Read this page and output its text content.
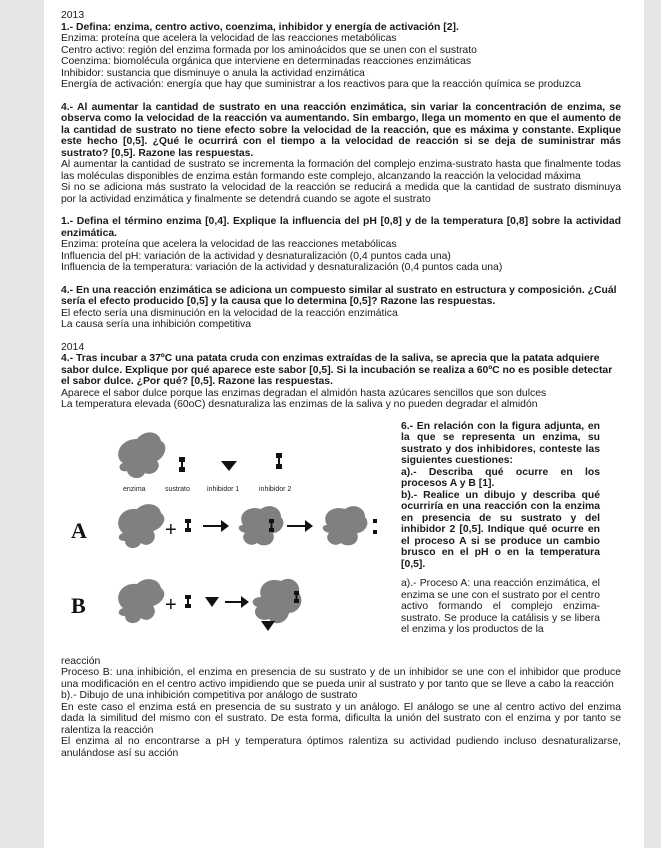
2013

1.- Defina: enzima, centro activo, coenzima, inhibidor y energía de activación [2].

Enzima: proteína que acelera la velocidad de las reacciones metabólicas

Centro activo: región del enzima formada por los aminoácidos que se unen con el sustrato

Coenzima: biomolécula orgánica que interviene en determinadas reacciones enzimáticas

Inhibidor: sustancia que disminuye o anula la actividad enzimática

Energía de activación: energía que hay que suministrar a los reactivos para que la reacción química se produzca

4.- Al aumentar la cantidad de sustrato en una reacción enzimática, sin variar la concentración de enzima, se observa como la velocidad de la reacción va aumentando. Sin embargo, llega un momento en que el aumento de la cantidad de sustrato no tiene efecto sobre la velocidad de la reacción, que es máxima y constante. Explique este hecho [0,5]. ¿Qué le ocurrirá con el tiempo a la velocidad de reacción si se deja de suministrar más sustrato? [0,5]. Razone las respuestas.

Al aumentar la cantidad de sustrato se incrementa la formación del complejo enzima-sustrato hasta que finalmente todas las moléculas disponibles de enzima están formando este complejo, alcanzando la reacción la velocidad máxima

Si no se adiciona más sustrato la velocidad de la reacción se reducirá a medida que la cantidad de sustrato disminuya por la actividad enzimática y finalmente se detendrá cuando se agote el sustrato

1.- Defina el término enzima [0,4]. Explique la influencia del pH [0,8] y de la temperatura [0,8] sobre la actividad enzimática.

Enzima: proteína que acelera la velocidad de las reacciones metabólicas

Influencia del pH: variación de la actividad y desnaturalización (0,4 puntos cada una)

Influencia de la temperatura: variación de la actividad y desnaturalización (0,4 puntos cada una)

4.- En una reacción enzimática se adiciona un compuesto similar al sustrato en estructura y composición. ¿Cuál sería el efecto producido [0,5] y la causa que lo determina [0,5]? Razone las respuestas.

El efecto sería una disminución en la velocidad de la reacción enzimática

La causa sería una inhibición competitiva

2014

4.- Tras incubar a 37ºC una patata cruda con enzimas extraídas de la saliva, se aprecia que la patata adquiere sabor dulce. Explique por qué aparece este sabor [0,5]. Si la incubación se realiza a 60ºC no es posible detectar el sabor dulce. ¿Por qué? [0,5]. Razone las respuestas.

Aparece el sabor dulce porque las enzimas degradan el almidón hasta azúcares sencillos que son dulces

La temperatura elevada (60oC) desnaturaliza las enzimas de la saliva y no pueden degradar el almidón

enzima	sustrato inhibidor 1	inhibidor 2
A	+
B	+

6.- En relación con la figura adjunta, en la que se representa un enzima, su sustrato y dos inhibidores, conteste las siguientes cuestiones:

a).- Describa qué ocurre en los procesos A y B [1].

b).- Realice un dibujo y describa qué ocurriría en una reacción con la enzima en presencia de su sustrato y del inhibidor 2 [0,5]. Indique qué ocurre en el proceso A si se produce un cambio brusco en el pH o en la temperatura [0,5].

a).- Proceso A: una reacción enzimática, el enzima se une con el sustrato por el centro activo formando el complejo enzima-sustrato. Se produce la catálisis y se libera el enzima y los productos de la

reacción

Proceso B: una inhibición, el enzima en presencia de su sustrato y de un inhibidor se une con el inhibidor que produce una modificación en el centro activo impidiendo que se pueda unir al sustrato y por tanto que se lleve a cabo la reacción

b).- Dibujo de una inhibición competitiva por análogo de sustrato

En este caso el enzima está en presencia de su sustrato y un análogo. El análogo se une al centro activo del enzima dada la similitud del mismo con el sustrato. De esta forma, dificulta la unión del sustrato con el enzima y por tanto se ralentiza la reacción

El enzima al no encontrarse a pH y temperatura óptimos ralentiza su actividad pudiendo incluso desnaturalizarse, anulándose así su acción
